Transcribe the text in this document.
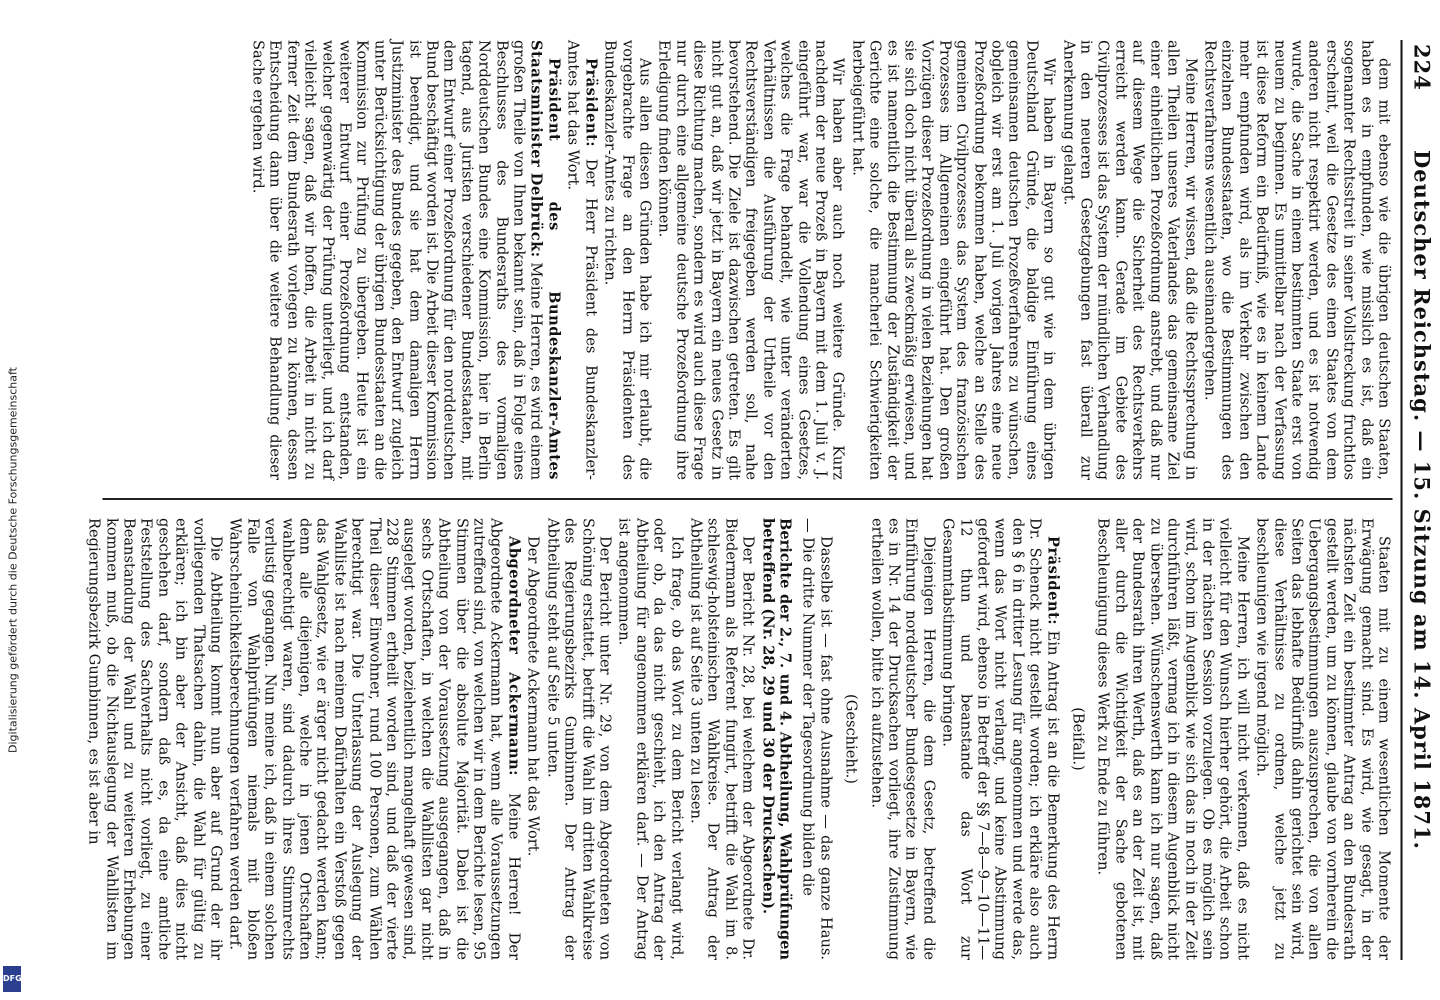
Digitalisierung gefördert durch die Deutsche Forschungsgemeinschaft
DFG
224
Deutscher Reichstag. — 15. Sitzung am 14. April 1871.

dem mit ebenso wie die übrigen deutschen Staaten, haben es in empfunden, wie misslich es ist, daß ein sogenannter Rechtsstreit in seiner Vollstreckung fruchtlos erscheint, weil die Gesetze des einen Staates von dem anderen nicht respektirt werden, und es ist notwendig wurde, die Sache in einem bestimmten Staate erst von neuem zu beginnen. Es unmittelbar nach der Verfassung ist diese Reform ein Bedürfniß, wie es in keinem Lande mehr empfunden wird, als im Verkehr zwischen den einzelnen Bundesstaaten, wo die Bestimmungen des Rechtsverfahrens wesentlich auseinandergehen.

Meine Herren, wir wissen, daß die Rechtssprechung in allen Theilen unseres Vaterlandes das gemeinsame Ziel einer einheitlichen Prozeßordnung anstrebt, und daß nur auf diesem Wege die Sicherheit des Rechtsverkehrs erreicht werden kann. Gerade im Gebiete des Civilprozesses ist das System der mündlichen Verhandlung in den neueren Gesetzgebungen fast überall zur Anerkennung gelangt.

Wir haben in Bayern so gut wie in dem übrigen Deutschland Gründe, die baldige Einführung eines gemeinsamen deutschen Prozeßverfahrens zu wünschen, obgleich wir erst am 1. Juli vorigen Jahres eine neue Prozeßordnung bekommen haben, welche an Stelle des gemeinen Civilprozesses das System des französischen Prozesses im Allgemeinen eingeführt hat. Den großen Vorzügen dieser Prozeßordnung in vielen Beziehungen hat sie sich doch nicht überall als zweckmäßig erwiesen, und es ist namentlich die Bestimmung der Zuständigkeit der Gerichte eine solche, die mancherlei Schwierigkeiten herbeigeführt hat.

Wir haben aber auch noch weitere Gründe. Kurz nachdem der neue Prozeß in Bayern mit dem 1. Juli v. J. eingeführt war, war die Vollendung eines Gesetzes, welches die Frage behandelt, wie unter veränderten Verhältnissen die Ausführung der Urtheile vor den Rechtsverständigen freigegeben werden soll, nahe bevorstehend. Die Ziele ist dazwischen getreten. Es gilt nicht gut an, daß wir jetzt in Bayern ein neues Gesetz in diese Richtung machen, sondern es wird auch diese Frage nur durch eine allgemeine deutsche Prozeßordnung ihre Erledigung finden können.

Aus allen diesen Gründen habe ich mir erlaubt, die vorgebrachte Frage an den Herrn Präsidenten des Bundeskanzler-Amtes zu richten.

Präsident: Der Herr Präsident des Bundeskanzler-Amtes hat das Wort.

Präsident des Bundeskanzler-Amtes Staatsminister Delbrück: Meine Herren, es wird einem großen Theile von Ihnen bekannt sein, daß in Folge eines Beschlusses des Bundesraths des vormaligen Norddeutschen Bundes eine Kommission, hier in Berlin tagend, aus Juristen verschiedener Bundesstaaten, mit dem Entwurf einer Prozeßordnung für den norddeutschen Bund beschäftigt worden ist. Die Arbeit dieser Kommission ist beendigt, und sie hat dem damaligen Herrn Justizminister des Bundes gegeben, den Entwurf zugleich unter Berücksichtigung der übrigen Bundesstaaten an die Kommission zur Prüfung zu übergeben. Heute ist ein weiterer Entwurf einer Prozeßordnung entstanden, welcher gegenwärtig der Prüfung unterliegt, und ich darf vielleicht sagen, daß wir hoffen, die Arbeit in nicht zu ferner Zeit dem Bundesrath vorlegen zu können, dessen Entscheidung dann über die weitere Behandlung dieser Sache ergehen wird.

Staaten mit zu einem wesentlichen Momente der Erwägung gemacht sind. Es wird, wie gesagt, in der nächsten Zeit ein bestimmter Antrag an den Bundesrath gestellt werden, um zu können, glaube von vornherein die Uebergangsbestimmungen auszusprechen, die von allen Seiten das lebhafte Bedürfniß dahin gerichtet sein wird, diese Verhältnisse zu ordnen, welche jetzt zu beschleunigen wie irgend möglich.

Meine Herren, ich will nicht verkennen, daß es nicht vielleicht für den Wunsch hierher gehört, die Arbeit schon in der nächsten Session vorzulegen. Ob es möglich sein wird, schon im Augenblick wie sich das in noch in der Zeit durchführen läßt, vermag ich in diesem Augenblick nicht zu übersehen. Wünschenswerth kann ich nur sagen, daß der Bundesrath ihren Werth, daß es an der Zeit ist, mit aller durch die Wichtigkeit der Sache gebotenen Beschleunigung dieses Werk zu Ende zu führen.

(Beifall.)

Präsident: Ein Antrag ist an die Bemerkung des Herrn Dr. Schenck nicht gestellt worden; ich erkläre also auch den § 6 in dritter Lesung für angenommen und werde das, wenn das Wort nicht verlangt, und keine Abstimmung gefordert wird, ebenso in Betreff der §§ 7—8—9—10—11—12 thun und beanstande das Wort zur Gesammtabstimmung bringen.

Diejenigen Herren, die dem Gesetz, betreffend die Einführung norddeutscher Bundesgesetze in Bayern, wie es in Nr. 14 der Drucksachen vorliegt, ihre Zustimmung ertheilen wollen, bitte ich aufzustehen.

(Geschieht.)

Dasselbe ist — fast ohne Ausnahme — das ganze Haus. — Die dritte Nummer der Tagesordnung bilden die

Berichte der 2., 7. und 4. Abtheilung, Wahlprüfungen betreffend (Nr. 28, 29 und 30 der Drucksachen).

Der Bericht Nr. 28, bei welchem der Abgeordnete Dr. Biedermann als Referent fungirt, betrifft die Wahl im 8. schleswig-holsteinischen Wahlkreise. Der Antrag der Abtheilung ist auf Seite 3 unten zu lesen.

Ich frage, ob das Wort zu dem Bericht verlangt wird, oder ob, da das nicht geschieht, ich den Antrag der Abtheilung für angenommen erklären darf. — Der Antrag ist angenommen.

Der Bericht unter Nr. 29, von dem Abgeordneten von Schöning erstattet, betrifft die Wahl im dritten Wahlkreise des Regierungsbezirks Gumbinnen. Der Antrag der Abtheilung steht auf Seite 5 unten.

Der Abgeordnete Ackermann hat das Wort.

Abgeordneter Ackermann: Meine Herren! Der Abgeordnete Ackermann hat, wenn alle Voraussetzungen zutreffend sind, von welchen wir in dem Berichte lesen, 95 Stimmen über die absolute Majorität. Dabei ist die Abtheilung von der Voraussetzung ausgegangen, daß in sechs Ortschaften, in welchen die Wahllisten gar nicht ausgelegt worden, beziehentlich mangelhaft gewesen sind, 228 Stimmen ertheilt worden sind, und daß der vierte Theil dieser Einwohner, rund 100 Personen, zum Wählen berechtigt war. Die Unterlassung der Auslegung der Wahlliste ist nach meinem Dafürhalten ein Verstoß gegen das Wahlgesetz, wie er ärger nicht gedacht werden kann; denn alle diejenigen, welche in jenen Ortschaften wahlberechtigt waren, sind dadurch ihres Stimmrechts verlustig gegangen. Nun meine ich, daß in einem solchen Falle von Wahlprüfungen niemals mit bloßen Wahrscheinlichkeitsberechnungen verfahren werden darf.

Die Abtheilung kommt nun aber auf Grund der ihr vorliegenden Thatsachen dahin, die Wahl für gültig zu erklären; ich bin aber der Ansicht, daß dies nicht geschehen darf, sondern daß es, da eine amtliche Feststellung des Sachverhalts nicht vorliegt, zu einer Beanstandung der Wahl und zu weiteren Erhebungen kommen muß, ob die Nichtauslegung der Wahllisten im Regierungsbezirk Gumbinnen, es ist aber in
